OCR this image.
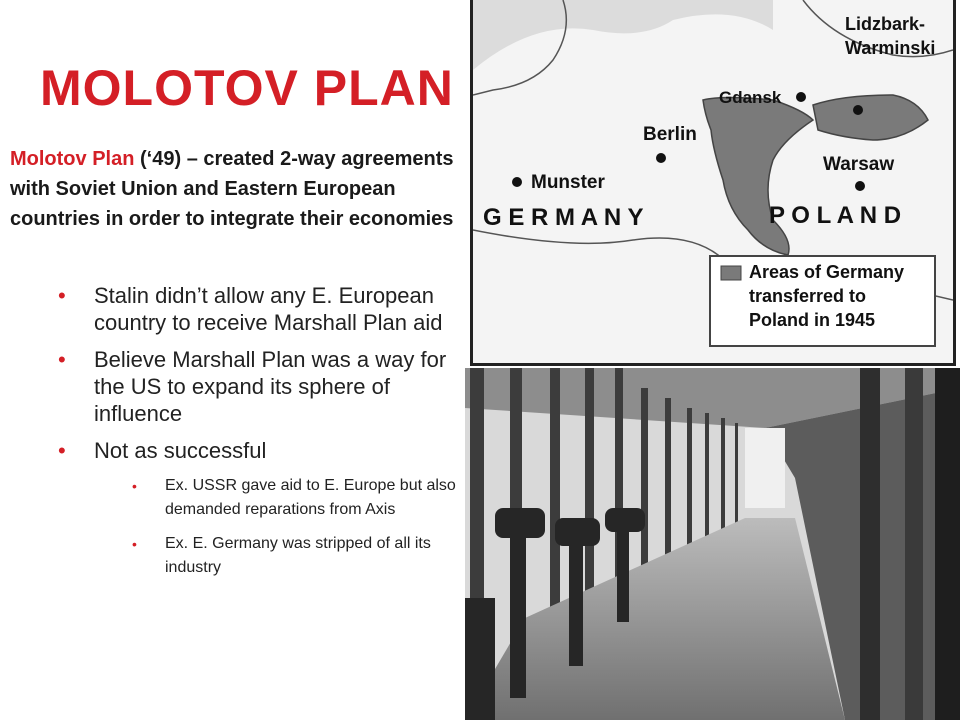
MOLOTOV PLAN
Molotov Plan (‘49) – created 2-way agreements with Soviet Union and Eastern European countries in order to integrate their economies
• Stalin didn’t allow any E. European country to receive Marshall Plan aid
• Believe Marshall Plan was a way for the US to expand its sphere of influence
• Not as successful
• Ex. USSR gave aid to E. Europe but also demanded reparations from Axis
• Ex. E. Germany was stripped of all its industry
Lidzbark-
Warminski
Gdansk
Berlin
Warsaw
Munster
G E R M A N Y	P O L A N D
Areas of Germany
transferred to
Poland in 1945
